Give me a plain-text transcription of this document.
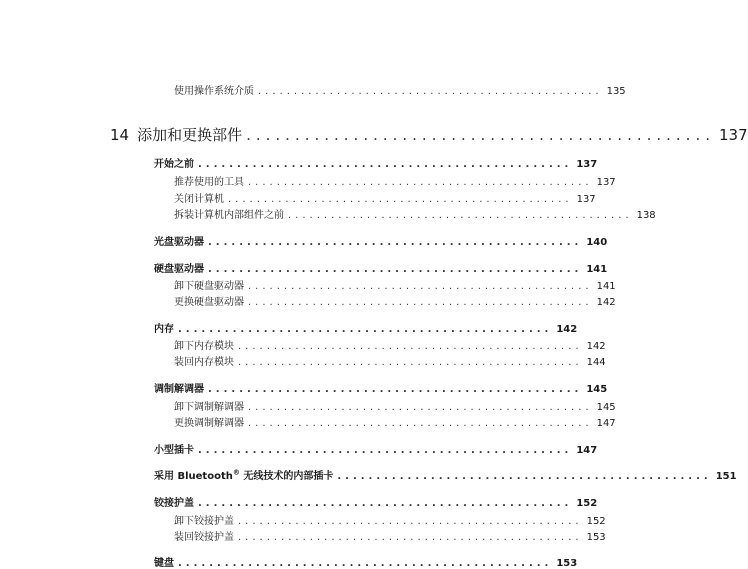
使用操作系统介质 ................................................ 135
14 添加和更换部件 ................................................ 137
开始之前 ................................................ 137
推荐使用的工具 ................................................ 137
关闭计算机 ................................................ 137
拆装计算机内部组件之前 ................................................ 138
光盘驱动器 ................................................ 140
硬盘驱动器 ................................................ 141
卸下硬盘驱动器 ................................................ 141
更换硬盘驱动器 ................................................ 142
内存 ................................................ 142
卸下内存模块 ................................................ 142
装回内存模块 ................................................ 144
调制解调器 ................................................ 145
卸下调制解调器 ................................................ 145
更换调制解调器 ................................................ 147
小型插卡 ................................................ 147
采用 Bluetooth® 无线技术的内部插卡 ................................................ 151
铰接护盖 ................................................ 152
卸下铰接护盖 ................................................ 152
装回铰接护盖 ................................................ 153
键盘 ................................................ 153
